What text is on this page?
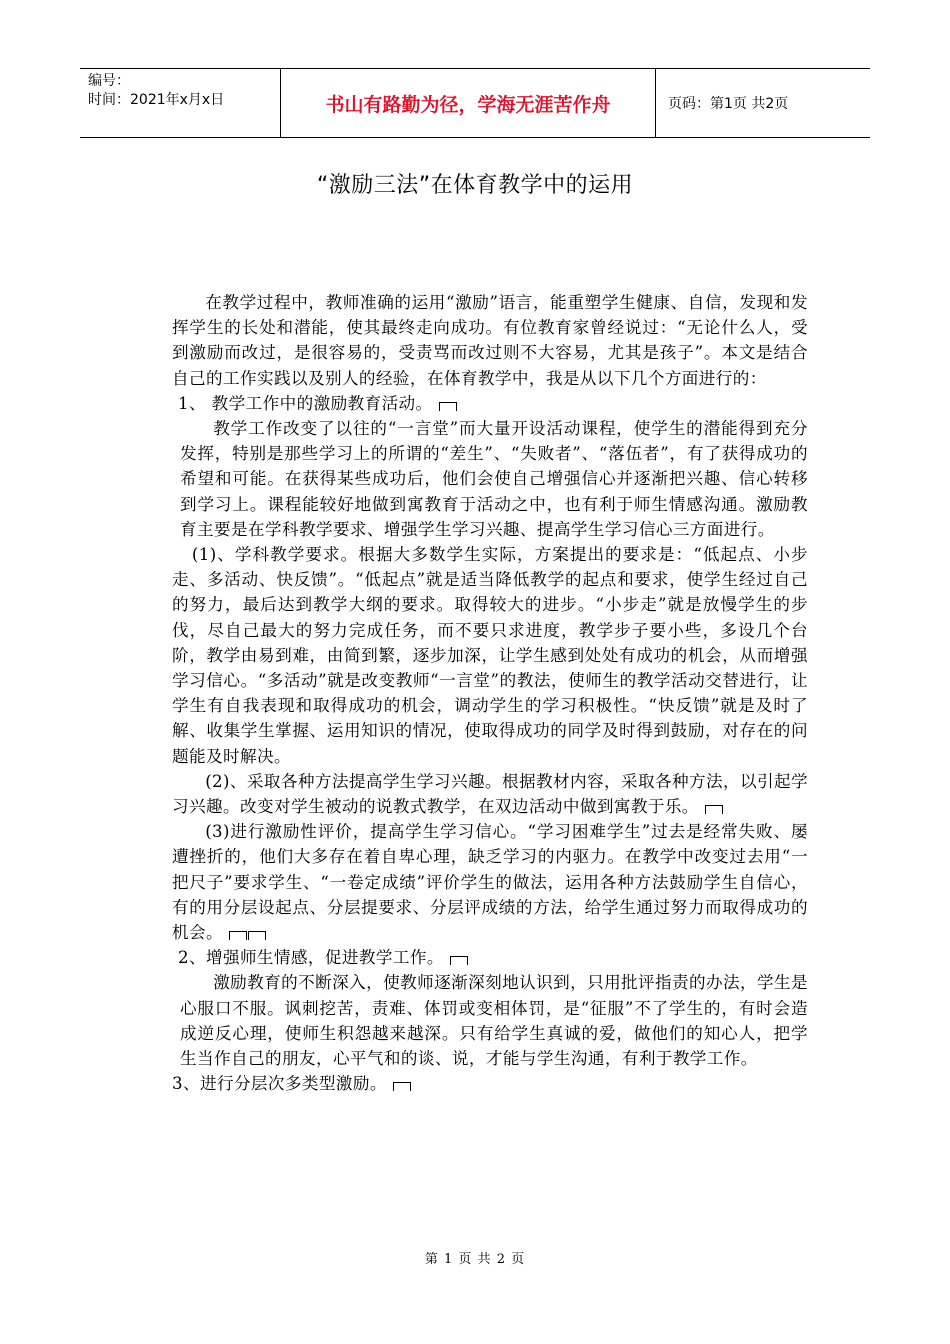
编号：
时间：2021年x月x日	书山有路勤为径，学海无涯苦作舟	页码：第1页 共2页
“激励三法”在体育教学中的运用

在教学过程中，教师准确的运用“激励”语言，能重塑学生健康、自信，发现和发挥学生的长处和潜能，使其最终走向成功。有位教育家曾经说过：“无论什么人，受到激励而改过，是很容易的，受责骂而改过则不大容易，尤其是孩子”。本文是结合自己的工作实践以及别人的经验，在体育教学中，我是从以下几个方面进行的：

1、 教学工作中的激励教育活动。

教学工作改变了以往的“一言堂”而大量开设活动课程，使学生的潜能得到充分发挥，特别是那些学习上的所谓的“差生”、“失败者”、“落伍者”，有了获得成功的希望和可能。在获得某些成功后，他们会使自己增强信心并逐渐把兴趣、信心转移到学习上。课程能较好地做到寓教育于活动之中，也有利于师生情感沟通。激励教育主要是在学科教学要求、增强学生学习兴趣、提高学生学习信心三方面进行。

(1)、学科教学要求。根据大多数学生实际，方案提出的要求是：“低起点、小步走、多活动、快反馈”。“低起点”就是适当降低教学的起点和要求，使学生经过自己的努力，最后达到教学大纲的要求。取得较大的进步。“小步走”就是放慢学生的步伐，尽自己最大的努力完成任务，而不要只求进度，教学步子要小些，多设几个台阶，教学由易到难，由简到繁，逐步加深，让学生感到处处有成功的机会，从而增强学习信心。“多活动”就是改变教师“一言堂”的教法，使师生的教学活动交替进行，让学生有自我表现和取得成功的机会，调动学生的学习积极性。“快反馈”就是及时了解、收集学生掌握、运用知识的情况，使取得成功的同学及时得到鼓励，对存在的问题能及时解决。

(2)、采取各种方法提高学生学习兴趣。根据教材内容，采取各种方法，以引起学习兴趣。改变对学生被动的说教式教学，在双边活动中做到寓教于乐。

(3)进行激励性评价，提高学生学习信心。“学习困难学生”过去是经常失败、屡遭挫折的，他们大多存在着自卑心理，缺乏学习的内驱力。在教学中改变过去用“一把尺子”要求学生、“一卷定成绩”评价学生的做法，运用各种方法鼓励学生自信心，有的用分层设起点、分层提要求、分层评成绩的方法，给学生通过努力而取得成功的机会。

2、增强师生情感，促进教学工作。

激励教育的不断深入，使教师逐渐深刻地认识到，只用批评指责的办法，学生是心服口不服。讽刺挖苦，责难、体罚或变相体罚，是“征服”不了学生的，有时会造成逆反心理，使师生积怨越来越深。只有给学生真诚的爱，做他们的知心人，把学生当作自己的朋友，心平气和的谈、说，才能与学生沟通，有利于教学工作。

3、进行分层次多类型激励。

第 1 页 共 2 页
